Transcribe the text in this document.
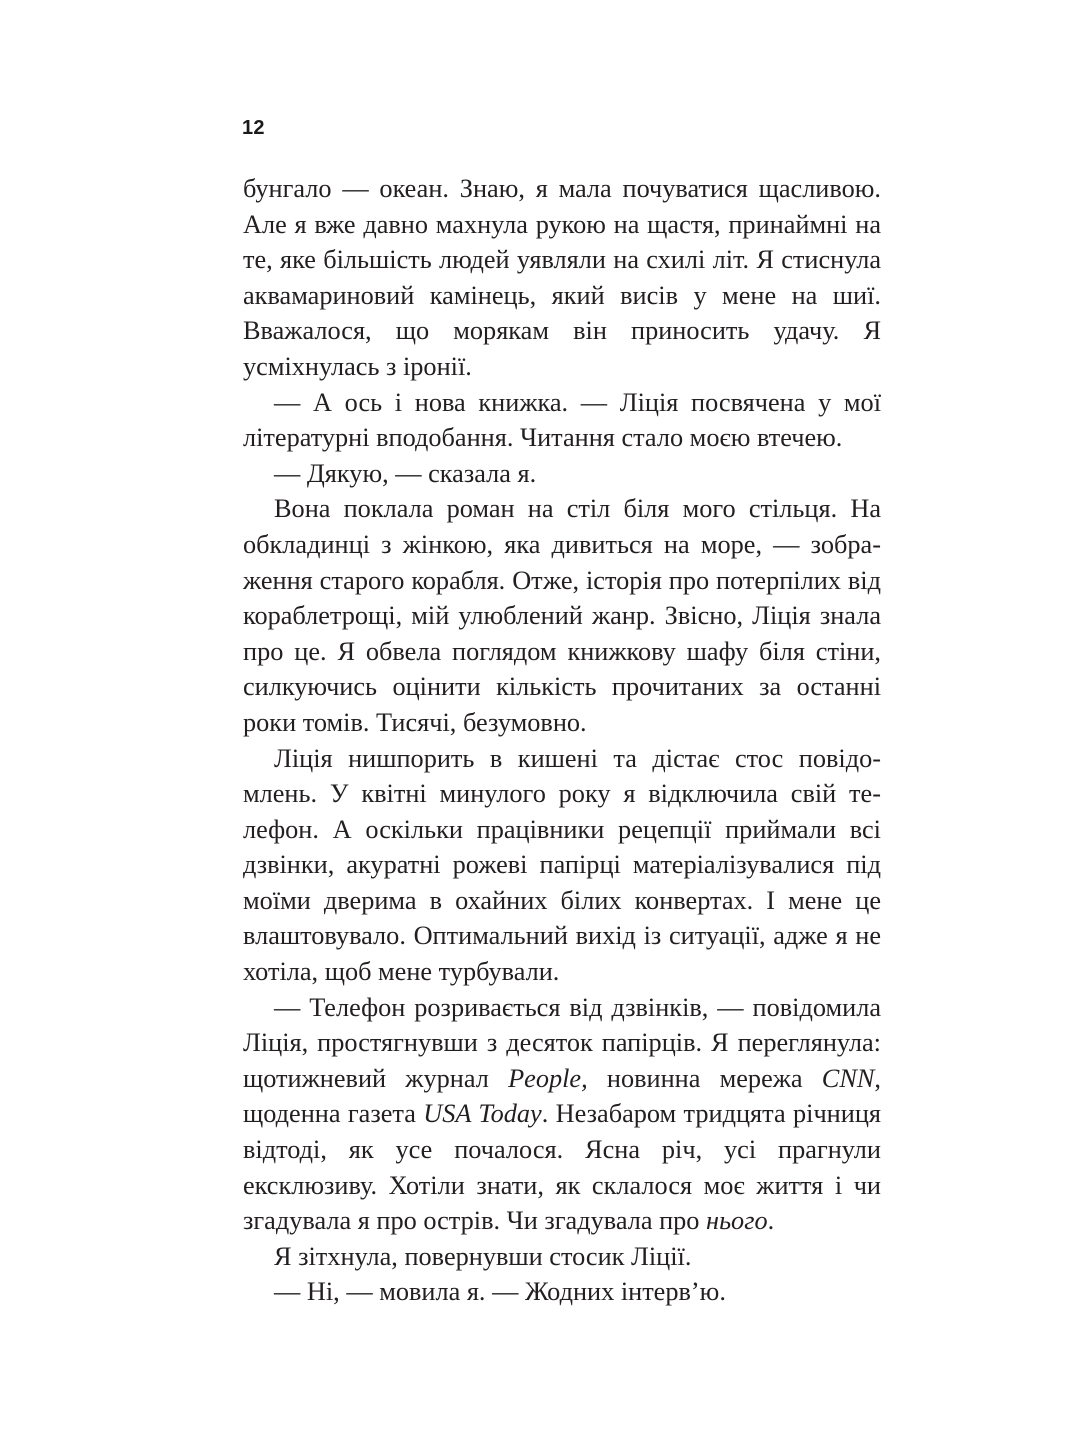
12

бунгало — океан. Знаю, я мала почуватися щасливою. Але я вже давно махнула рукою на щастя, принаймні на те, яке більшість людей уявляли на схилі літ. Я стиснула аквамариновий камінець, який висів у мене на шиї. Вважалося, що морякам він приносить удачу. Я усміхнулась з іронії.

— А ось і нова книжка. — Ліція посвячена у мої літературні вподобання. Читання стало моєю втечею.

— Дякую, — сказала я.

Вона поклала роман на стіл біля мого стільця. На обкладинці з жінкою, яка дивиться на море, — зображення старого корабля. Отже, історія про потерпілих від кораблетрощі, мій улюблений жанр. Звісно, Ліція знала про це. Я обвела поглядом книжкову шафу біля стіни, силкуючись оцінити кількість прочитаних за останні роки томів. Тисячі, безумовно.

Ліція нишпорить в кишені та дістає стос повідомлень. У квітні минулого року я відключила свій телефон. А оскільки працівники рецепції приймали всі дзвінки, акуратні рожеві папірці матеріалізувалися під моїми дверима в охайних білих конвертах. І мене це влаштовувало. Оптимальний вихід із ситуації, адже я не хотіла, щоб мене турбували.

— Телефон розривається від дзвінків, — повідомила Ліція, простягнувши з десяток папірців. Я переглянула: щотижневий журнал People, новинна мережа CNN, щоденна газета USA Today. Незабаром тридцята річниця відтоді, як усе почалося. Ясна річ, усі прагнули ексклюзиву. Хотіли знати, як склалося моє життя і чи згадувала я про острів. Чи згадувала про нього.

Я зітхнула, повернувши стосик Ліції.

— Ні, — мовила я. — Жодних інтерв’ю.
